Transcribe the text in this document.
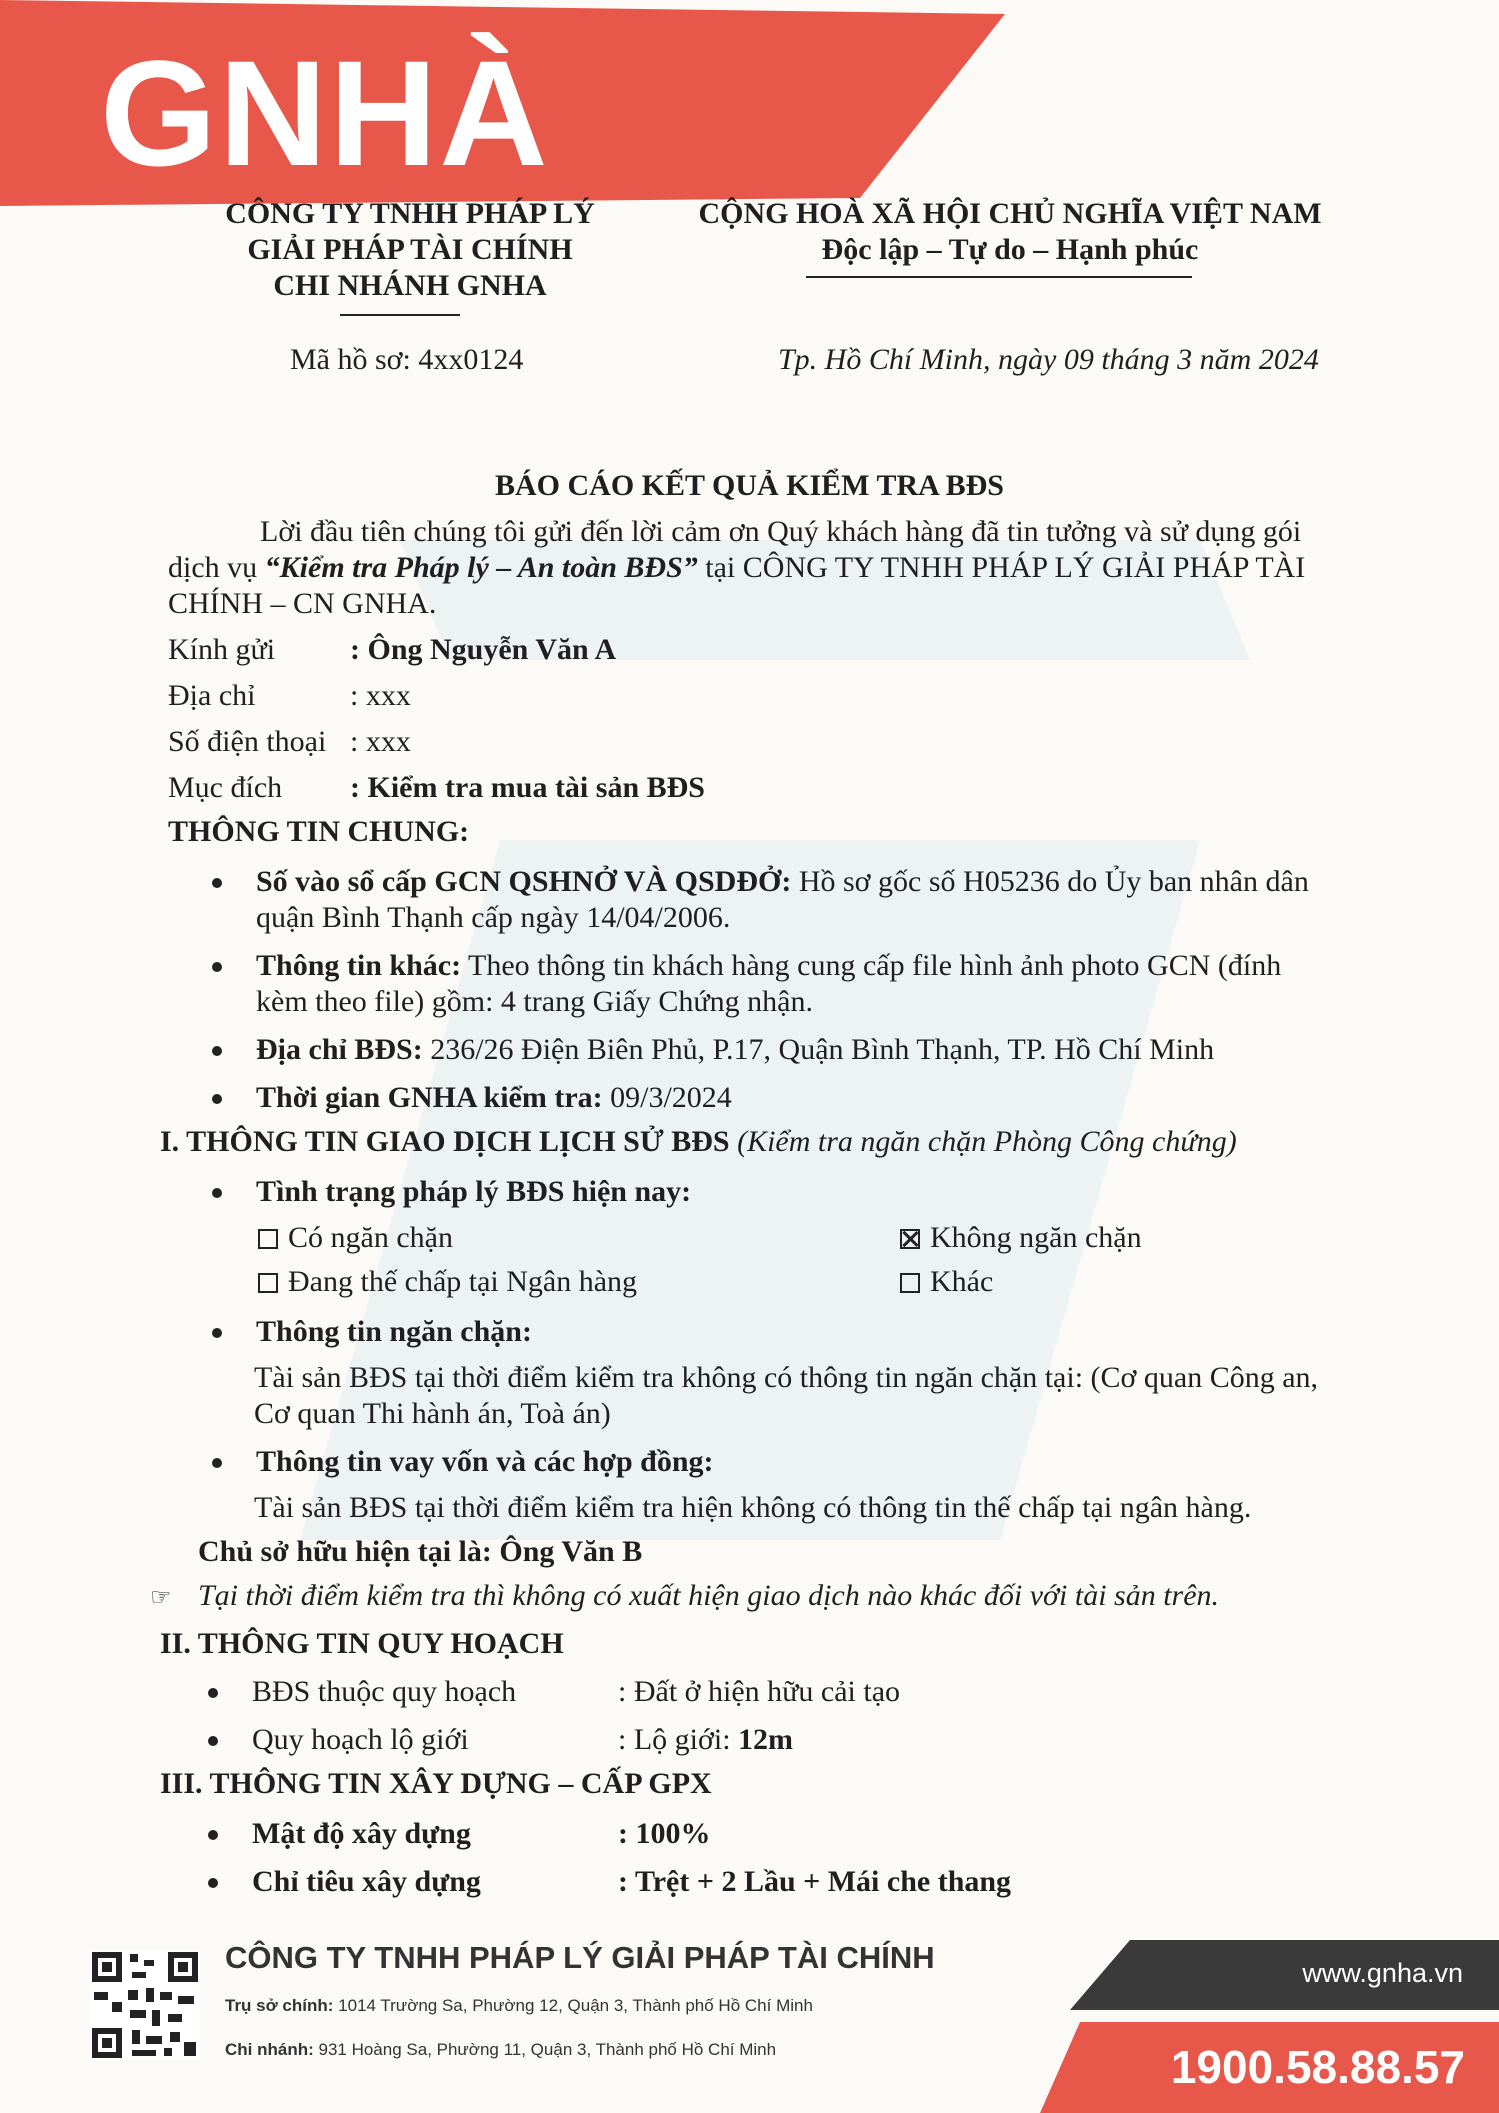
GNHÀ
CÔNG TY TNHH PHÁP LÝ
GIẢI PHÁP TÀI CHÍNH
CHI NHÁNH GNHA
CỘNG HOÀ XÃ HỘI CHỦ NGHĨA VIỆT NAM
Độc lập – Tự do – Hạnh phúc
Mã hồ sơ: 4xx0124	Tp. Hồ Chí Minh, ngày 09 tháng 3 năm 2024
BÁO CÁO KẾT QUẢ KIỂM TRA BĐS
Lời đầu tiên chúng tôi gửi đến lời cảm ơn Quý khách hàng đã tin tưởng và sử dụng gói
dịch vụ “Kiểm tra Pháp lý – An toàn BĐS” tại CÔNG TY TNHH PHÁP LÝ GIẢI PHÁP TÀI
CHÍNH – CN GNHA.
Kính gửi : Ông Nguyễn Văn A
Địa chỉ	: xxx
Số điện thoại : xxx
Mục đích : Kiểm tra mua tài sản BĐS
THÔNG TIN CHUNG:
Số vào sổ cấp GCN QSHNỞ VÀ QSDĐỞ: Hồ sơ gốc số H05236 do Ủy ban nhân dân
quận Bình Thạnh cấp ngày 14/04/2006.
Thông tin khác: Theo thông tin khách hàng cung cấp file hình ảnh photo GCN (đính
kèm theo file) gồm: 4 trang Giấy Chứng nhận.
Địa chỉ BĐS: 236/26 Điện Biên Phủ, P.17, Quận Bình Thạnh, TP. Hồ Chí Minh
Thời gian GNHA kiểm tra: 09/3/2024
I. THÔNG TIN GIAO DỊCH LỊCH SỬ BĐS (Kiểm tra ngăn chặn Phòng Công chứng)
Tình trạng pháp lý BĐS hiện nay:
Có ngăn chặn	Không ngăn chặn
Đang thế chấp tại Ngân hàng	Khác
Thông tin ngăn chặn:
Tài sản BĐS tại thời điểm kiểm tra không có thông tin ngăn chặn tại: (Cơ quan Công an,
Cơ quan Thi hành án, Toà án)
Thông tin vay vốn và các hợp đồng:
Tài sản BĐS tại thời điểm kiểm tra hiện không có thông tin thế chấp tại ngân hàng.
Chủ sở hữu hiện tại là: Ông Văn B
☞ Tại thời điểm kiểm tra thì không có xuất hiện giao dịch nào khác đối với tài sản trên.
II. THÔNG TIN QUY HOẠCH
BĐS thuộc quy hoạch	: Đất ở hiện hữu cải tạo
Quy hoạch lộ giới	: Lộ giới: 12m
III. THÔNG TIN XÂY DỰNG – CẤP GPX
Mật độ xây dựng	: 100%
Chỉ tiêu xây dựng	: Trệt + 2 Lầu + Mái che thang
CÔNG TY TNHH PHÁP LÝ GIẢI PHÁP TÀI CHÍNH
Trụ sở chính: 1014 Trường Sa, Phường 12, Quận 3, Thành phố Hồ Chí Minh
Chi nhánh: 931 Hoàng Sa, Phường 11, Quận 3, Thành phố Hồ Chí Minh
www.gnha.vn
1900.58.88.57
